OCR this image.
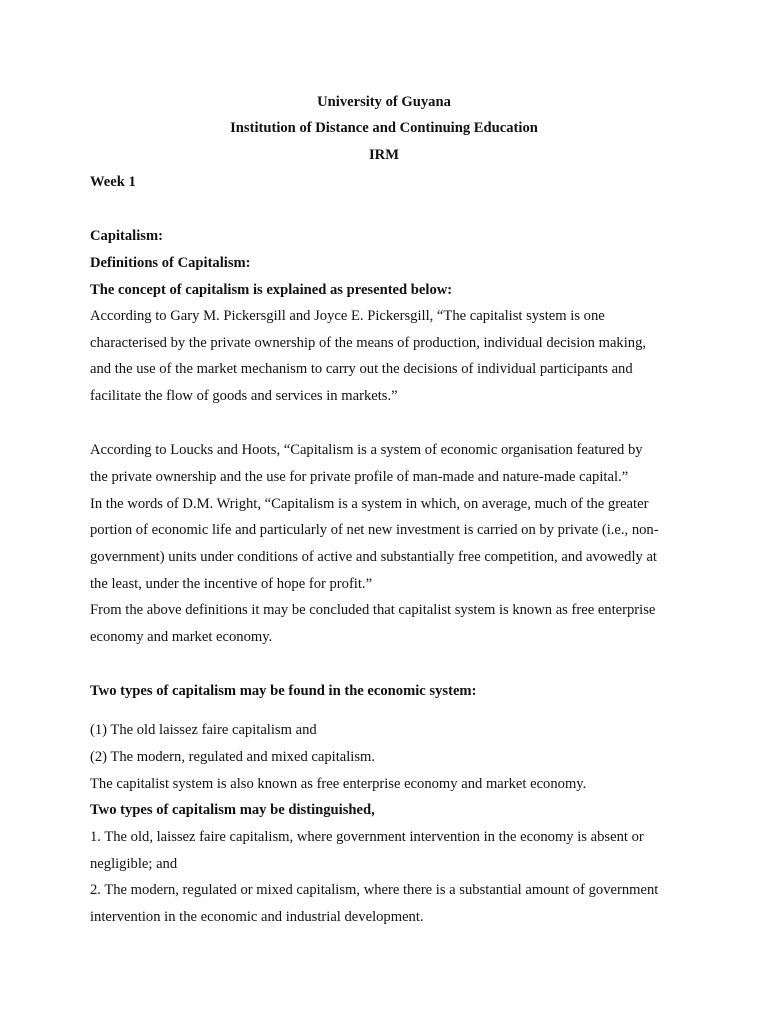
University of Guyana
Institution of Distance and Continuing Education
IRM
Week 1
Capitalism:
Definitions of Capitalism:
The concept of capitalism is explained as presented below:
According to Gary M. Pickersgill and Joyce E. Pickersgill, “The capitalist system is one
characterised by the private ownership of the means of production, individual decision making,
and the use of the market mechanism to carry out the decisions of individual participants and
facilitate the flow of goods and services in markets.”
According to Loucks and Hoots, “Capitalism is a system of economic organisation featured by
the private ownership and the use for private profile of man-made and nature-made capital.”
In the words of D.M. Wright, “Capitalism is a system in which, on average, much of the greater
portion of economic life and particularly of net new investment is carried on by private (i.e., non-
government) units under conditions of active and substantially free competition, and avowedly at
the least, under the incentive of hope for profit.”
From the above definitions it may be concluded that capitalist system is known as free enterprise
economy and market economy.
Two types of capitalism may be found in the economic system:
(1) The old laissez faire capitalism and
(2) The modern, regulated and mixed capitalism.
The capitalist system is also known as free enterprise economy and market economy.
Two types of capitalism may be distinguished,
1. The old, laissez faire capitalism, where government intervention in the economy is absent or
negligible; and
2. The modern, regulated or mixed capitalism, where there is a substantial amount of government
intervention in the economic and industrial development.
